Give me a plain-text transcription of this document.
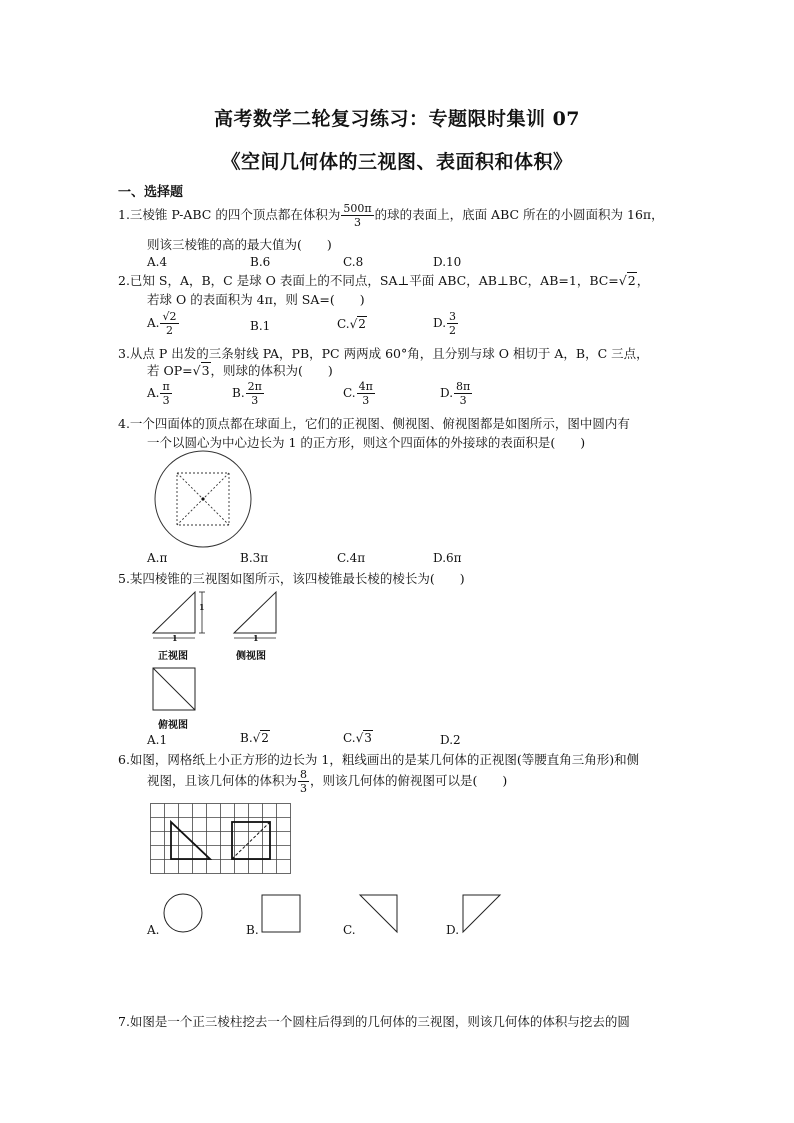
高考数学二轮复习练习：专题限时集训 07
《空间几何体的三视图、表面积和体积》
一、选择题
1.三棱锥 P-ABC 的四个顶点都在体积为 $\frac{500\pi}{3}$ 的球的表面上，底面 ABC 所在的小圆面积为 16π，
则该三棱锥的高的最大值为(　　)
A.4	B.6	C.8	D.10
2.已知 S，A，B，C 是球 O 表面上的不同点，SA⊥平面 ABC，AB⊥BC，AB=1，BC=√2，
若球 O 的表面积为 4π，则 SA=(　　)
A. $\frac{√2}{2}$	B.1	C.√2	D. $\frac{3}{2}$
3.从点 P 出发的三条射线 PA，PB，PC 两两成 60°角，且分别与球 O 相切于 A，B，C 三点，
若 OP=√3，则球的体积为(　　)
A. $\frac{\pi}{3}$	B. $\frac{2\pi}{3}$	C. $\frac{4\pi}{3}$	D. $\frac{8\pi}{3}$
4.一个四面体的顶点都在球面上，它们的正视图、侧视图、俯视图都是如图所示，图中圆内有
一个以圆心为中心边长为 1 的正方形，则这个四面体的外接球的表面积是(　　)
A.π	B.3π	C.4π	D.6π
5.某四棱锥的三视图如图所示，该四棱锥最长棱的棱长为(　　)
1
1	1
正视图	侧视图
俯视图
A.1	B.√2	C.√3	D.2
6.如图，网格纸上小正方形的边长为 1，粗线画出的是某几何体的正视图(等腰直角三角形)和侧
视图，且该几何体的体积为 $\frac{8}{3}$ ，则该几何体的俯视图可以是(　　)
A.	B.	C.	D.
7.如图是一个正三棱柱挖去一个圆柱后得到的几何体的三视图，则该几何体的体积与挖去的圆
